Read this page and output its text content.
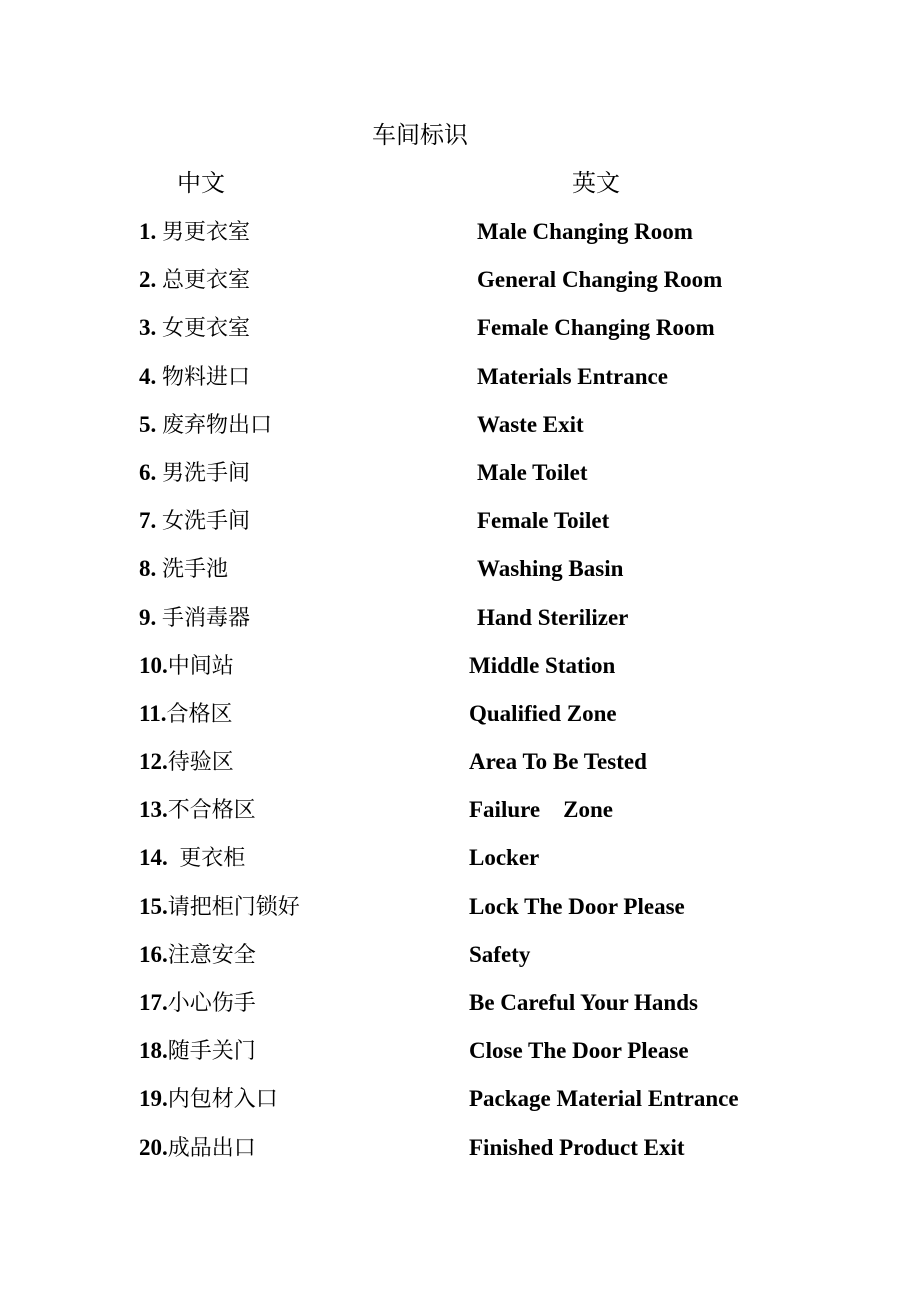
车间标识
中文	英文
1. 男更衣室	Male Changing Room
2. 总更衣室	General Changing Room
3. 女更衣室	Female Changing Room
4. 物料进口	Materials Entrance
5. 废弃物出口	Waste Exit
6. 男洗手间	Male Toilet
7. 女洗手间	Female Toilet
8. 洗手池	Washing Basin
9. 手消毒器	Hand Sterilizer
10.中间站	Middle Station
11.合格区	Qualified Zone
12.待验区	Area To Be Tested
13.不合格区	Failure    Zone
14.  更衣柜	Locker
15.请把柜门锁好	Lock The Door Please
16.注意安全	Safety
17.小心伤手	Be Careful Your Hands
18.随手关门	Close The Door Please
19.内包材入口	Package Material Entrance
20.成品出口	Finished Product Exit
